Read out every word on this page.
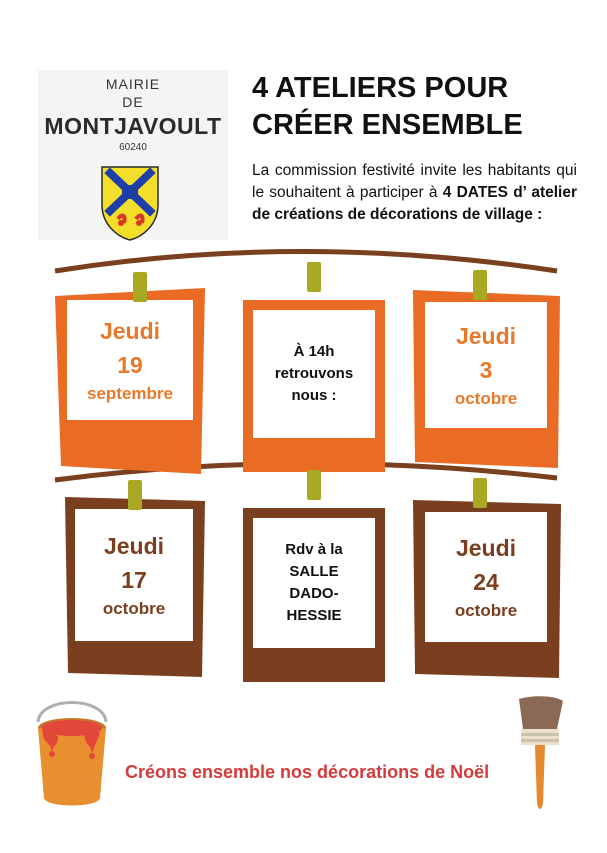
MAIRIE
DE
MONTJAVOULT
60240
4 ATELIERS POUR
CRÉER ENSEMBLE
La commission festivité invite les habitants qui le souhaitent à participer à 4 DATES d’ atelier de créations de décorations de village :
Jeudi
19
septembre
À 14h
retrouvons
nous :
Jeudi
3
octobre
Jeudi
17
octobre
Rdv à la
SALLE
DADO-
HESSIE
Jeudi
24
octobre
Créons ensemble nos décorations de Noël
